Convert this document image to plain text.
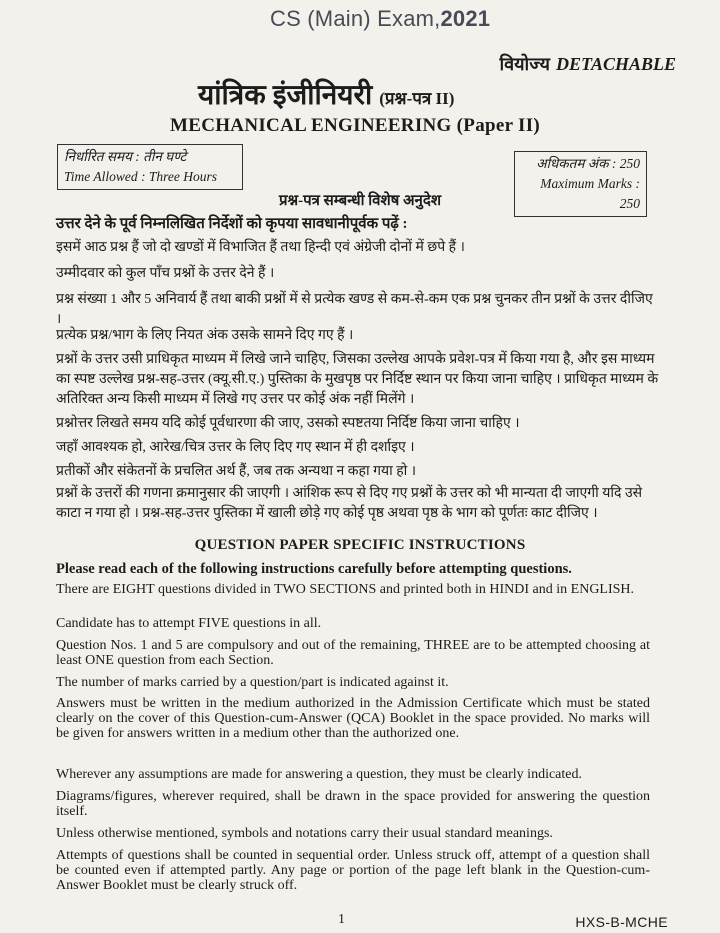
CS (Main) Exam,2021
वियोज्य DETACHABLE
यांत्रिक इंजीनियरी (प्रश्न-पत्र II)
MECHANICAL ENGINEERING (Paper II)
निर्धारित समय : तीन घण्टे
Time Allowed : Three Hours
अधिकतम अंक : 250
Maximum Marks : 250
प्रश्न-पत्र सम्बन्धी विशेष अनुदेश
उत्तर देने के पूर्व निम्नलिखित निर्देशों को कृपया सावधानीपूर्वक पढ़ें :
इसमें आठ प्रश्न हैं जो दो खण्डों में विभाजित हैं तथा हिन्दी एवं अंग्रेजी दोनों में छपे हैं ।
उम्मीदवार को कुल पाँच प्रश्नों के उत्तर देने हैं ।
प्रश्न संख्या 1 और 5 अनिवार्य हैं तथा बाकी प्रश्नों में से प्रत्येक खण्ड से कम-से-कम एक प्रश्न चुनकर तीन प्रश्नों के उत्तर दीजिए ।
प्रत्येक प्रश्न/भाग के लिए नियत अंक उसके सामने दिए गए हैं ।
प्रश्नों के उत्तर उसी प्राधिकृत माध्यम में लिखे जाने चाहिए, जिसका उल्लेख आपके प्रवेश-पत्र में किया गया है, और इस माध्यम का स्पष्ट उल्लेख प्रश्न-सह-उत्तर (क्यू.सी.ए.) पुस्तिका के मुखपृष्ठ पर निर्दिष्ट स्थान पर किया जाना चाहिए । प्राधिकृत माध्यम के अतिरिक्त अन्य किसी माध्यम में लिखे गए उत्तर पर कोई अंक नहीं मिलेंगे ।
प्रश्नोत्तर लिखते समय यदि कोई पूर्वधारणा की जाए, उसको स्पष्टतया निर्दिष्ट किया जाना चाहिए ।
जहाँ आवश्यक हो, आरेख/चित्र उत्तर के लिए दिए गए स्थान में ही दर्शाइए ।
प्रतीकों और संकेतनों के प्रचलित अर्थ हैं, जब तक अन्यथा न कहा गया हो ।
प्रश्नों के उत्तरों की गणना क्रमानुसार की जाएगी । आंशिक रूप से दिए गए प्रश्नों के उत्तर को भी मान्यता दी जाएगी यदि उसे काटा न गया हो । प्रश्न-सह-उत्तर पुस्तिका में खाली छोड़े गए कोई पृष्ठ अथवा पृष्ठ के भाग को पूर्णतः काट दीजिए ।
QUESTION PAPER SPECIFIC INSTRUCTIONS
Please read each of the following instructions carefully before attempting questions.
There are EIGHT questions divided in TWO SECTIONS and printed both in HINDI and in ENGLISH.
Candidate has to attempt FIVE questions in all.
Question Nos. 1 and 5 are compulsory and out of the remaining, THREE are to be attempted choosing at least ONE question from each Section.
The number of marks carried by a question/part is indicated against it.
Answers must be written in the medium authorized in the Admission Certificate which must be stated clearly on the cover of this Question-cum-Answer (QCA) Booklet in the space provided. No marks will be given for answers written in a medium other than the authorized one.
Wherever any assumptions are made for answering a question, they must be clearly indicated.
Diagrams/figures, wherever required, shall be drawn in the space provided for answering the question itself.
Unless otherwise mentioned, symbols and notations carry their usual standard meanings.
Attempts of questions shall be counted in sequential order. Unless struck off, attempt of a question shall be counted even if attempted partly. Any page or portion of the page left blank in the Question-cum-Answer Booklet must be clearly struck off.
1	HXS-B-MCHE
